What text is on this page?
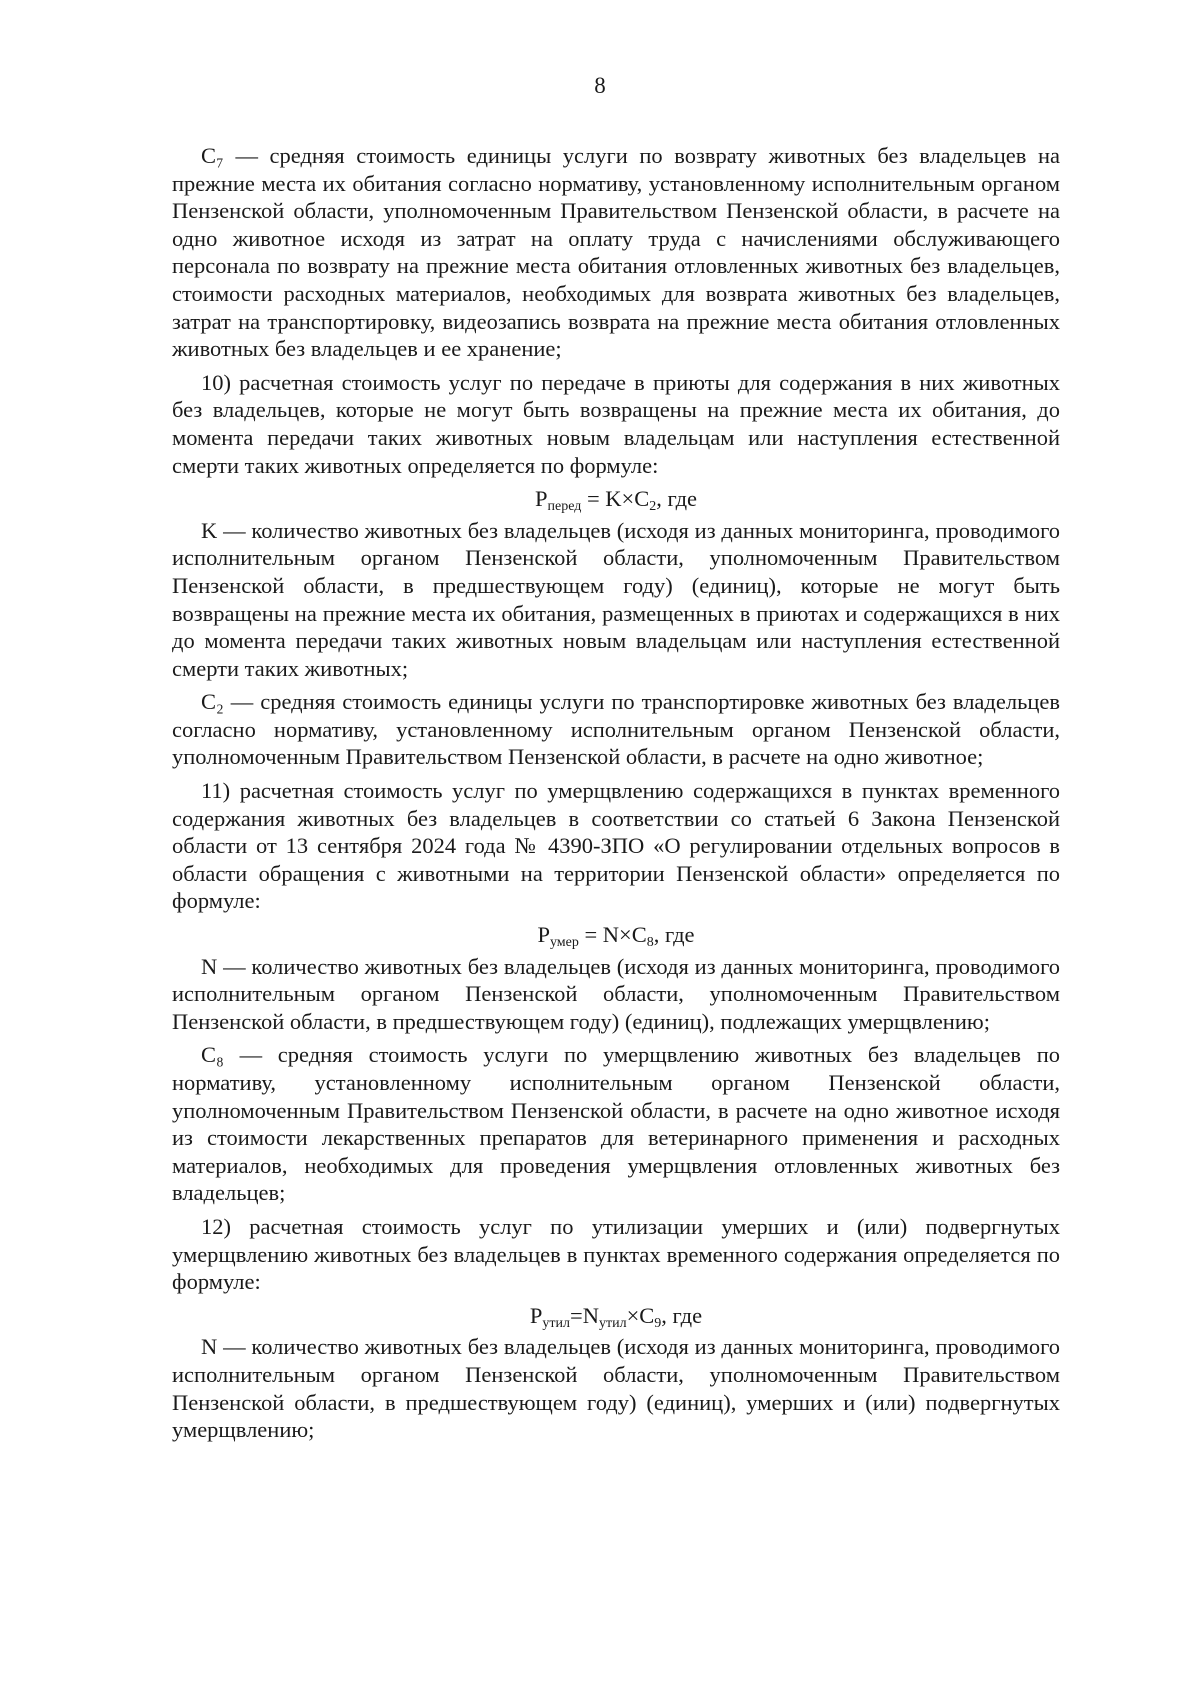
8

C₇ — средняя стоимость единицы услуги по возврату животных без владельцев на прежние места их обитания согласно нормативу, установленному исполнительным органом Пензенской области, уполномоченным Правительством Пензенской области, в расчете на одно животное исходя из затрат на оплату труда с начислениями обслуживающего персонала по возврату на прежние места обитания отловленных животных без владельцев, стоимости расходных материалов, необходимых для возврата животных без владельцев, затрат на транспортировку, видеозапись возврата на прежние места обитания отловленных животных без владельцев и ее хранение;

10) расчетная стоимость услуг по передаче в приюты для содержания в них животных без владельцев, которые не могут быть возвращены на прежние места их обитания, до момента передачи таких животных новым владельцам или наступления естественной смерти таких животных определяется по формуле:

$P_{перед} = K\times C_2$, где

K — количество животных без владельцев (исходя из данных мониторинга, проводимого исполнительным органом Пензенской области, уполномоченным Правительством Пензенской области, в предшествующем году) (единиц), которые не могут быть возвращены на прежние места их обитания, размещенных в приютах и содержащихся в них до момента передачи таких животных новым владельцам или наступления естественной смерти таких животных;

C₂ — средняя стоимость единицы услуги по транспортировке животных без владельцев согласно нормативу, установленному исполнительным органом Пензенской области, уполномоченным Правительством Пензенской области, в расчете на одно животное;

11) расчетная стоимость услуг по умерщвлению содержащихся в пунктах временного содержания животных без владельцев в соответствии со статьей 6 Закона Пензенской области от 13 сентября 2024 года № 4390-ЗПО «О регулировании отдельных вопросов в области обращения с животными на территории Пензенской области» определяется по формуле:

$P_{умер} = N\times C_8$, где

N — количество животных без владельцев (исходя из данных мониторинга, проводимого исполнительным органом Пензенской области, уполномоченным Правительством Пензенской области, в предшествующем году) (единиц), подлежащих умерщвлению;

C₈ — средняя стоимость услуги по умерщвлению животных без владельцев по нормативу, установленному исполнительным органом Пензенской области, уполномоченным Правительством Пензенской области, в расчете на одно животное исходя из стоимости лекарственных препаратов для ветеринарного применения и расходных материалов, необходимых для проведения умерщвления отловленных животных без владельцев;

12) расчетная стоимость услуг по утилизации умерших и (или) подвергнутых умерщвлению животных без владельцев в пунктах временного содержания определяется по формуле:

$P_{утил}=N_{утил}\times C_9$, где

N — количество животных без владельцев (исходя из данных мониторинга, проводимого исполнительным органом Пензенской области, уполномоченным Правительством Пензенской области, в предшествующем году) (единиц), умерших и (или) подвергнутых умерщвлению;
